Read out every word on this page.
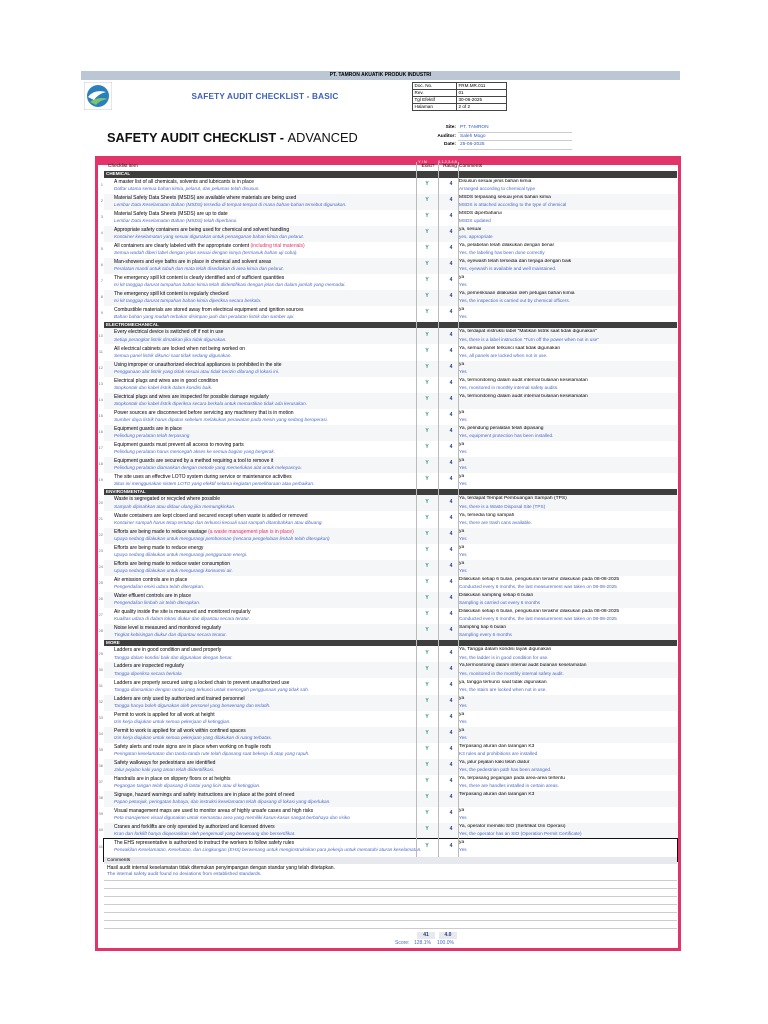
PT. TAMRON AKUATIK PRODUK INDUSTRI
SAFETY AUDIT CHECKLIST - BASIC
Doc. No.	FRM.MR.011
Rev.	01
Tgl Efektif	30-06-2025
Halaman	2 of 2
SAFETY AUDIT CHECKLIST - ADVANCED
Site:	PT. TAMRON
Auditor:	Saleh Mogo
Date:	25-06-2025
Y / N	0,1,2,3,4,5
Checklist item	Exist?	Rating Comments
CHEMICAL
1 A master list of all chemicals, solvents and lubricants is in place
Daftar utama semua bahan kimia, pelarut, dan pelumas telah disusun.
Y	4	Disusun sesuai jenis bahan kimia
Arranged according to chemical type
2 Material Safety Data Sheets (MSDS) are available where materials are being used
Lembar Data Keselamatan Bahan (MSDS) tersedia di tempat-tempat di mana bahan-bahan tersebut digunakan.
Y	4	MSDS terpasang sesuai jenis bahan kimia
MSDS is attached according to the type of chemical
3 Material Safety Data Sheets (MSDS) are up to date
Lembar Data Keselamatan Bahan (MSDS) telah diperbarui.
Y	4	MSDS diperbaharui
MSDS updated
4 Appropriate safety containers are being used for chemical and solvent handling
Kontainer keselamatan yang sesuai digunakan untuk penanganan bahan kimia dan pelarut.
Y	4	ya, sesuai
yes, appropriate
5 All containers are clearly labeled with the appropriate content (including trial materials)
Semua wadah diberi label dengan jelas sesuai dengan isinya (termasuk bahan uji coba).
Y	4	Ya, pelabelan telah dilakukan dengan benar
Yes, the labeling has been done correctly
6 Man-showers and eye baths are in place in chemical and solvent areas
Peralatan mandi untuk tubuh dan mata telah disediakan di area kimia dan pelarut.
Y	4	Ya, eyewash telah tersedia dan terjaga dengan baik
Yes, eyewash is available and well maintained.
7 The emergency spill kit content is clearly identified and of sufficient quantities
Isi kit tanggap darurat tumpahan bahan kimia telah diidentifikasi dengan jelas dan dalam jumlah yang memadai.
Y	4	ya
Yes
8 The emergency spill kit content is regularly checked
Isi kit tanggap darurat tumpahan bahan kimia diperiksa secara berkala.
Y	4	Ya, pemeriksaan dilakukan oleh petugas bahan kimia
Yes, the inspection is carried out by chemical officers.
9 Combustible materials are stored away from electrical equipment and ignition sources
Bahan bahan yang mudah terbakar disimpan jauh dari peralatan listrik dan sumber api.
Y	4	ya
Yes
ELECTROMECHANICAL
10 Every electrical device is switched off if not in use
Setiap perangkat listrik dimatikan jika tidak digunakan.
Y	4	Ya, terdapat instruksi label "Matikan listrik saat tidak digunakan"
Yes, there is a label instruction "Turn off the power when not in use"
11 All electrical cabinets are locked when not being worked on
Semua panel listrik dikunci saat tidak sedang digunakan.
Y	4	Ya, semua panel terkunci saat tidak digunakan
Yes, all panels are locked when not in use.
12 Using improper or unauthorized electrical appliances is prohibited in the site
Penggunaan alat listrik yang tidak sesuai atau tidak berizin dilarang di lokasi ini.
Y	4	ya
Yes
13 Electrical plugs and wires are in good condition
Stopkontak dan kabel listrik dalam kondisi baik.
Y	4	Ya, termonitoring dalam audit internal bulanan keselamatan
Yes, monitored in monthly internal safety audits.
14 Electrical plugs and wires are inspected for possible damage regularly
Stopkontak dan kabel listrik diperiksa secara berkala untuk memastikan tidak ada kerusakan.
Y	4	Ya, termonitoring dalam audit internal bulanan keselamatan
15 Power sources are disconnected before servicing any machinery that is in motion
Sumber daya listrik harus diputus sebelum melakukan perawatan pada mesin yang sedang beroperasi.
Y	4	ya
Yes
16 Equipment guards are in place
Pelindung peralatan telah terpasang
Y	4	Ya, pelindung peralatan telah dipasang
Yes, equipment protection has been installed.
17 Equipment guards must prevent all access to moving parts
Pelindung peralatan harus mencegah akses ke semua bagian yang bergerak.
Y	4	ya
Yes
18 Equipment guards are secured by a method requiring a tool to remove it
Pelindung peralatan diamankan dengan metode yang memerlukan alat untuk melepasnya.
Y	4	ya
Yes
19 The site uses an effective LOTO system during service or maintenance activities
Situs ini menggunakan sistem LOTO yang efektif selama kegiatan pemeliharaan atau perbaikan.
Y	4	ya
Yes
ENVIRONMENTAL
20 Waste is segregated or recycled where possible
Sampah dipisahkan atau didaur ulang jika memungkinkan.
Y	4	Ya, terdapat Tempat Pembuangan Sampah (TPS)
Yes, there is a Waste Disposal Site (TPS)
21 Waste containers are kept closed and secured except when waste is added or removed
Kontainer sampah harus tetap tertutup dan terkunci kecuali saat sampah ditambahkan atau dibuang.
Y	4	Ya, tersedia tong sampah
Yes, there are trash cans available.
22 Efforts are being made to reduce wastage (a waste management plan is in place)
Upaya sedang dilakukan untuk mengurangi pemborosan (rencana pengelolaan limbah telah diterapkan)
Y	4	ya
Yes
23 Efforts are being made to reduce energy
Upaya sedang dilakukan untuk mengurangi penggunaan energi.
Y	4	ya
Yes
24 Efforts are being made to reduce water consumption
Upaya sedang dilakukan untuk mengurangi konsumsi air.
Y	4	ya
Yes
25 Air emission controls are in place
Pengendalian emisi udara telah diterapkan.
Y	4	Dilakukan setiap 6 bulan, pengukuran terakhir dilakukan pada 08-08-2025
Conducted every 6 months, the last measurement was taken on 08-08-2025
26 Water effluent controls are in place
Pengendalian limbah air telah diterapkan.
Y	4	Dilakukan sampling setiap 6 bulan
Sampling is carried out every 6 months
27 Air quality inside the site is measured and monitored regularly
Kualitas udara di dalam lokasi diukur dan dipantau secara teratur.
Y	4	Dilakukan setiap 6 bulan, pengukuran terakhir dilakukan pada 08-08-2025
Conducted every 6 months, the last measurement was taken on 08-08-2025
28 Noise level is measured and monitored regularly
Tingkat kebisingan diukur dan dipantau secara teratur.
Y	4	Sampling tiap 6 bulan
Sampling every 6 months
MORE
29 Ladders are in good condition and used properly
Tangga dalam kondisi baik dan digunakan dengan benar.
Y	4	Ya, Tangga dalam kondisi layak digunakan
Yes, the ladder is in good condition for use.
30 Ladders are inspected regularly
Tangga diperiksa secara berkala
Y	4	Ya,termonitoring dalam internal audit bulanan keselamatan
Yes, monitored in the monthly internal safety audit.
31 Ladders are properly secured using a locked chain to prevent unauthorized use
Tangga diamankan dengan rantai yang terkunci untuk mencegah penggunaan yang tidak sah.
Y	4	ya, tangga terkunci saat tidak digunakan
Yes, the stairs are locked when not in use.
32 Ladders are only used by authorized and trained personnel
Tangga hanya boleh digunakan oleh personel yang berwenang dan terlatih.
Y	4	ya
Yes
33 Permit to work is applied for all work at height
Izin kerja diajukan untuk semua pekerjaan di ketinggian.
Y	4	ya
Yes
34 Permit to work is applied for all work within confined spaces
Izin kerja diajukan untuk semua pekerjaan yang dilakukan di ruang terbatas.
Y	4	ya
Yes
35 Safety alerts and route signs are in place when working on fragile roofs
Peringatan keselamatan dan tanda-tanda rute telah dipasang saat bekerja di atap yang rapuh.
Y	4	Terpasang aturan dan larangan K3
K3 rules and prohibitions are installed
36 Safety walkways for pedestrians are identified
Jalur pejalan kaki yang aman telah diidentifikasi.
Y	4	Ya, jalur pejalan kaki telah diatur
Yes, the pedestrian path has been arranged.
37 Handrails are in place on slippery floors or at heights
Pegangan tangan telah dipasang di lantai yang licin atau di ketinggian.
Y	4	Ya, terpasang pegangan pada area-area tertentu
Yes, there are handles installed in certain areas.
38 Signage, hazard warnings and safety instructions are in place at the point of need
Papan petunjuk, peringatan bahaya, dan instruksi keselamatan telah dipasang di lokasi yang diperlukan.
Y	4	Terpasang aturan dan larangan K3
39 Visual management maps are used to monitor areas of highly unsafe cases and high risks
Peta manajemen visual digunakan untuk memantau area yang memiliki kasus-kasus sangat berbahaya dan risiko
Y	4	ya
Yes
40 Cranes and forklifts are only operated by authorized and licensed drivers
Kran dan forklift hanya dioperasikan oleh pengemudi yang berwenang dan bersertifikat.
Y	4	Ya, operator memiliki SIO (Sertifikat Izin Operasi)
Yes, the operator has an SIO (Operation Permit Certificate)
41 The EHS representative is authorized to instruct the workers to follow safety rules
Perwakilan Keselamatan, Kesehatan, dan Lingkungan (EHS) berwenang untuk menginstruksikan para pekerja untuk mematuhi aturan keselamatan.
Y	4	ya
Yes
Comments
Hasil audit internal keselamatan tidak ditemukan penyimpangan dengan standar yang telah ditetapkan.
The internal safety audit found no deviations from established standards.
41	4.0
Score: 128.1% 100.0%
